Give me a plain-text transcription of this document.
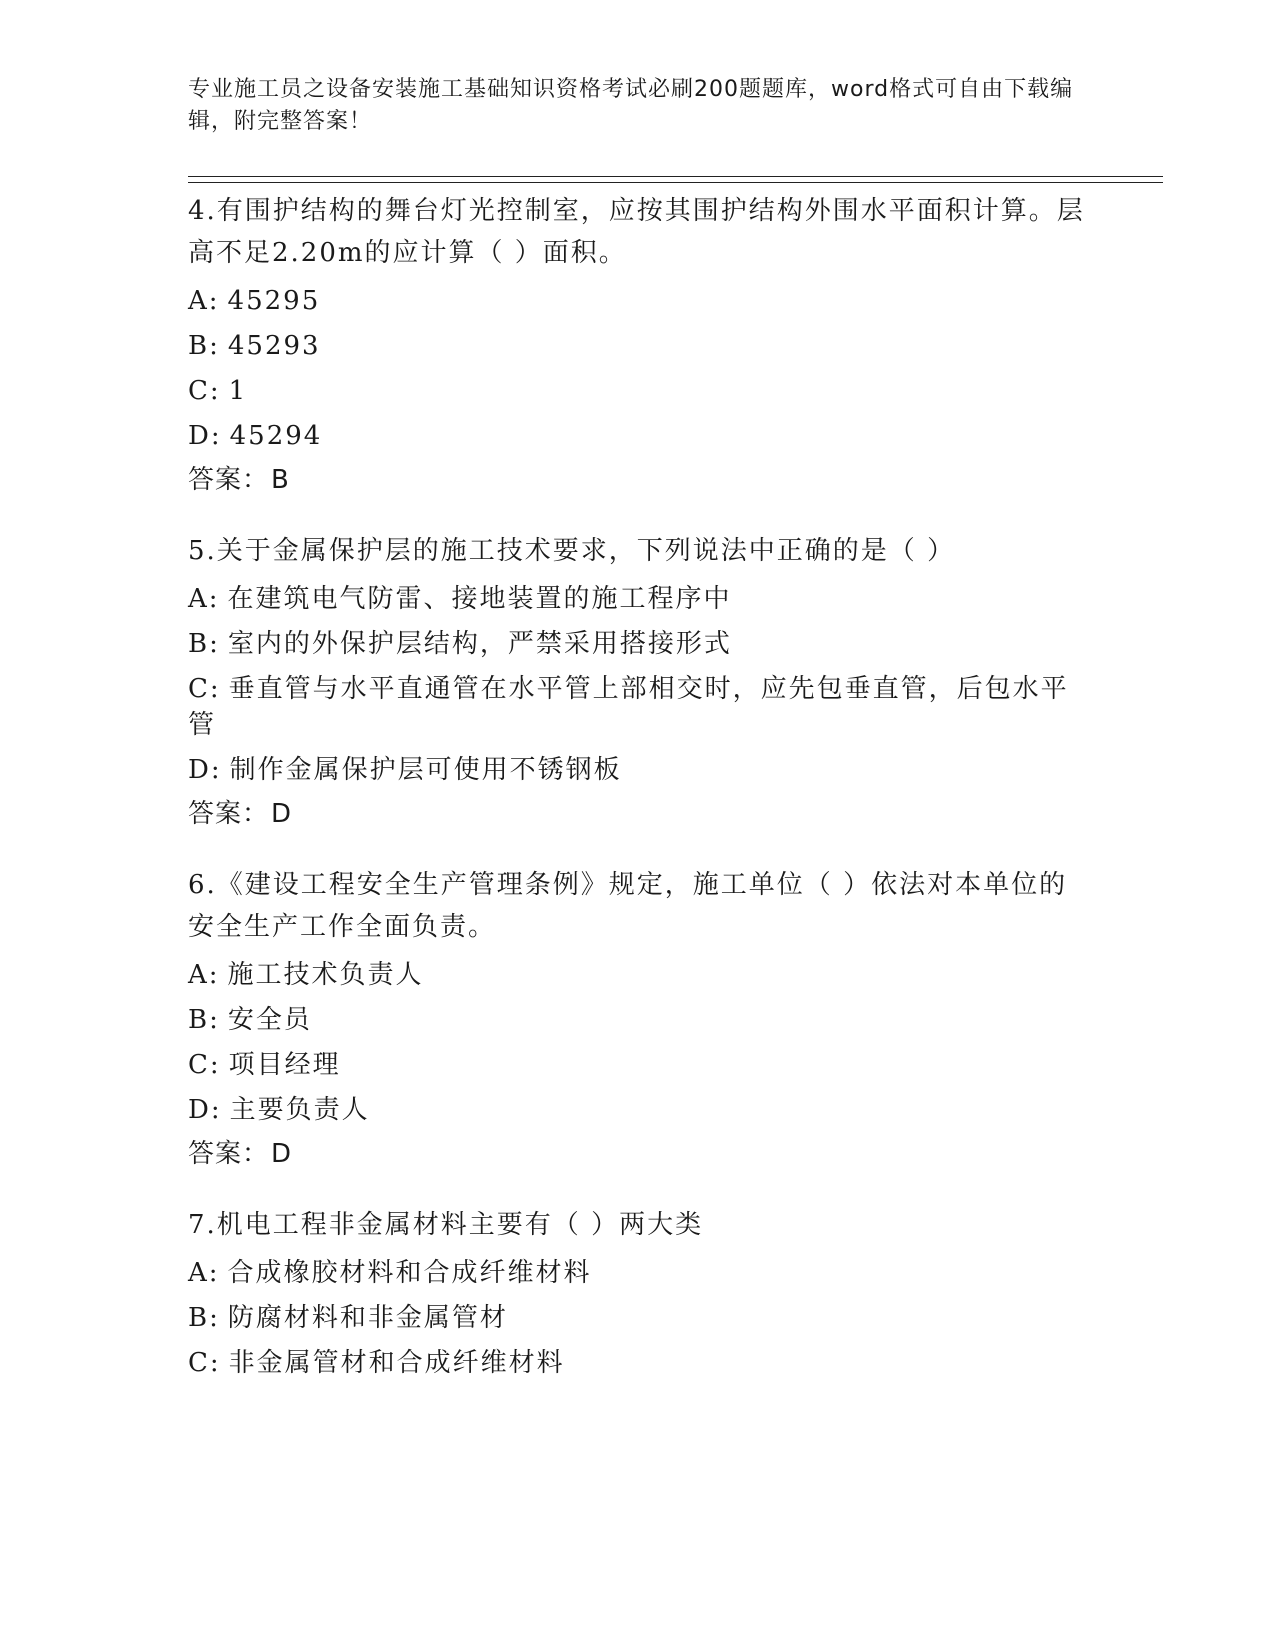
专业施工员之设备安装施工基础知识资格考试必刷200题题库，word格式可自由下载编辑，附完整答案！
4.有围护结构的舞台灯光控制室，应按其围护结构外围水平面积计算。层高不足2.20m的应计算（ ）面积。
A: 45295
B: 45293
C: 1
D: 45294
答案：B
5.关于金属保护层的施工技术要求，下列说法中正确的是（ ）
A: 在建筑电气防雷、接地装置的施工程序中
B: 室内的外保护层结构，严禁采用搭接形式
C: 垂直管与水平直通管在水平管上部相交时，应先包垂直管，后包水平管
D: 制作金属保护层可使用不锈钢板
答案：D
6.《建设工程安全生产管理条例》规定，施工单位（ ）依法对本单位的安全生产工作全面负责。
A: 施工技术负责人
B: 安全员
C: 项目经理
D: 主要负责人
答案：D
7.机电工程非金属材料主要有（ ）两大类
A: 合成橡胶材料和合成纤维材料
B: 防腐材料和非金属管材
C: 非金属管材和合成纤维材料
